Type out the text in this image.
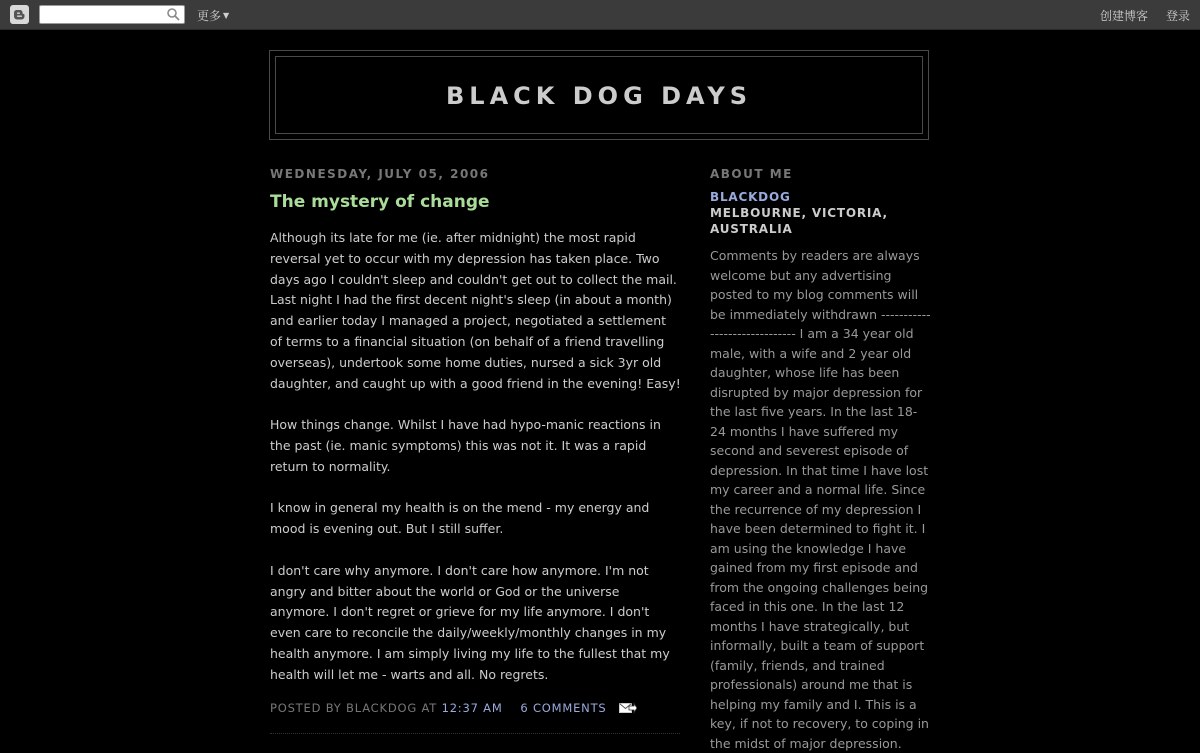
更多 ▼	创建博客 登录
BLACK DOG DAYS
WEDNESDAY, JULY 05, 2006
The mystery of change

Although its late for me (ie. after midnight) the most rapid reversal yet to occur with my depression has taken place. Two days ago I couldn't sleep and couldn't get out to collect the mail. Last night I had the first decent night's sleep (in about a month) and earlier today I managed a project, negotiated a settlement of terms to a financial situation (on behalf of a friend travelling overseas), undertook some home duties, nursed a sick 3yr old daughter, and caught up with a good friend in the evening! Easy!

How things change. Whilst I have had hypo-manic reactions in the past (ie. manic symptoms) this was not it. It was a rapid return to normality.

I know in general my health is on the mend - my energy and mood is evening out. But I still suffer.

I don't care why anymore. I don't care how anymore. I'm not angry and bitter about the world or God or the universe anymore. I don't regret or grieve for my life anymore. I don't even care to reconcile the daily/weekly/monthly changes in my health anymore. I am simply living my life to the fullest that my health will let me - warts and all. No regrets.

POSTED BY BLACKDOG AT 12:37 AM 6 COMMENTS
ABOUT ME
BLACKDOG
MELBOURNE, VICTORIA, AUSTRALIA
Comments by readers are always welcome but any advertising posted to my blog comments will be immediately withdrawn ------------------------------ I am a 34 year old male, with a wife and 2 year old daughter, whose life has been disrupted by major depression for the last five years. In the last 18-24 months I have suffered my second and severest episode of depression. In that time I have lost my career and a normal life. Since the recurrence of my depression I have been determined to fight it. I am using the knowledge I have gained from my first episode and from the ongoing challenges being faced in this one. In the last 12 months I have strategically, but informally, built a team of support (family, friends, and trained professionals) around me that is helping my family and I. This is a key, if not to recovery, to coping in the midst of major depression.
